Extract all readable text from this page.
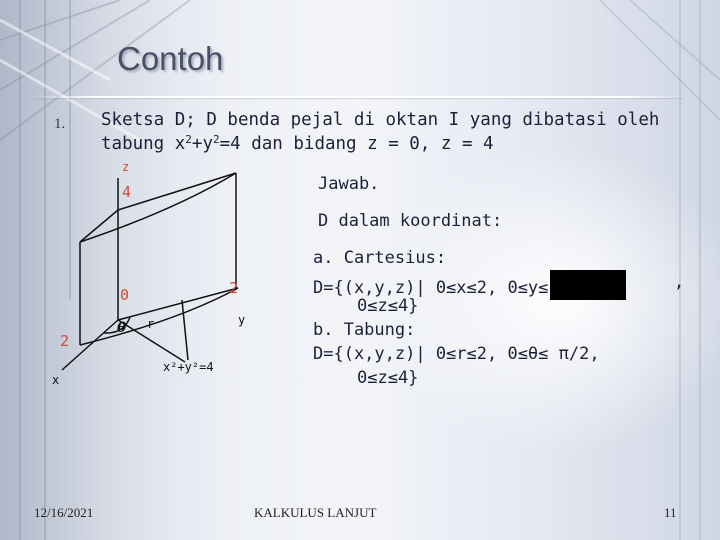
Contoh
1. Sketsa D; D benda pejal di oktan I yang dibatasi oleh
tabung $x^2+y^2=4$ dan bidang z = 0, z = 4
z
4
0	2
2
y
x
θ r
x²+y²=4
Jawab.
D dalam koordinat:
a. Cartesius:
D={(x,y,z)| 0≤x≤2, 0≤y≤	,
0≤z≤4}
b. Tabung:
D={(x,y,z)| 0≤r≤2, 0≤θ≤ π/2,
0≤z≤4}
12/16/2021	KALKULUS LANJUT	11
